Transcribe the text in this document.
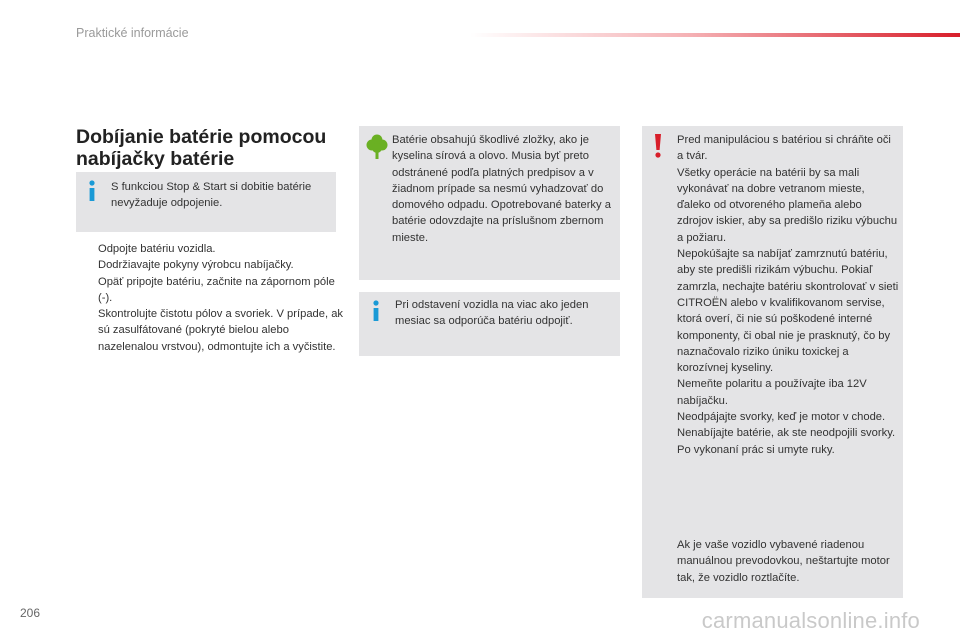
Praktické informácie
Dobíjanie batérie pomocou nabíjačky batérie
S funkciou Stop & Start si dobitie batérie nevyžaduje odpojenie.
Odpojte batériu vozidla.
Dodržiavajte pokyny výrobcu nabíjačky.
Opäť pripojte batériu, začnite na zápornom póle (-).
Skontrolujte čistotu pólov a svoriek. V prípade, ak sú zasulfátované (pokryté bielou alebo nazelenalou vrstvou), odmontujte ich a vyčistite.
Batérie obsahujú škodlivé zložky, ako je kyselina sírová a olovo. Musia byť preto odstránené podľa platných predpisov a v žiadnom prípade sa nesmú vyhadzovať do domového odpadu. Opotrebované baterky a batérie odovzdajte na príslušnom zbernom mieste.
Pri odstavení vozidla na viac ako jeden mesiac sa odporúča batériu odpojiť.
Pred manipuláciou s batériou si chráňte oči a tvár.
Všetky operácie na batérii by sa mali vykonávať na dobre vetranom mieste, ďaleko od otvoreného plameňa alebo zdrojov iskier, aby sa predišlo riziku výbuchu a požiaru.
Nepokúšajte sa nabíjať zamrznutú batériu, aby ste predišli rizikám výbuchu. Pokiaľ zamrzla, nechajte batériu skontrolovať v sieti CITROËN alebo v kvalifikovanom servise, ktorá overí, či nie sú poškodené interné komponenty, či obal nie je prasknutý, čo by naznačovalo riziko úniku toxickej a korozívnej kyseliny.
Nemeňte polaritu a používajte iba 12V nabíjačku.
Neodpájajte svorky, keď je motor v chode.
Nenabíjajte batérie, ak ste neodpojili svorky.
Po vykonaní prác si umyte ruky.
Ak je vaše vozidlo vybavené riadenou manuálnou prevodovkou, neštartujte motor tak, že vozidlo roztlačíte.
206	carmanualsonline.info
